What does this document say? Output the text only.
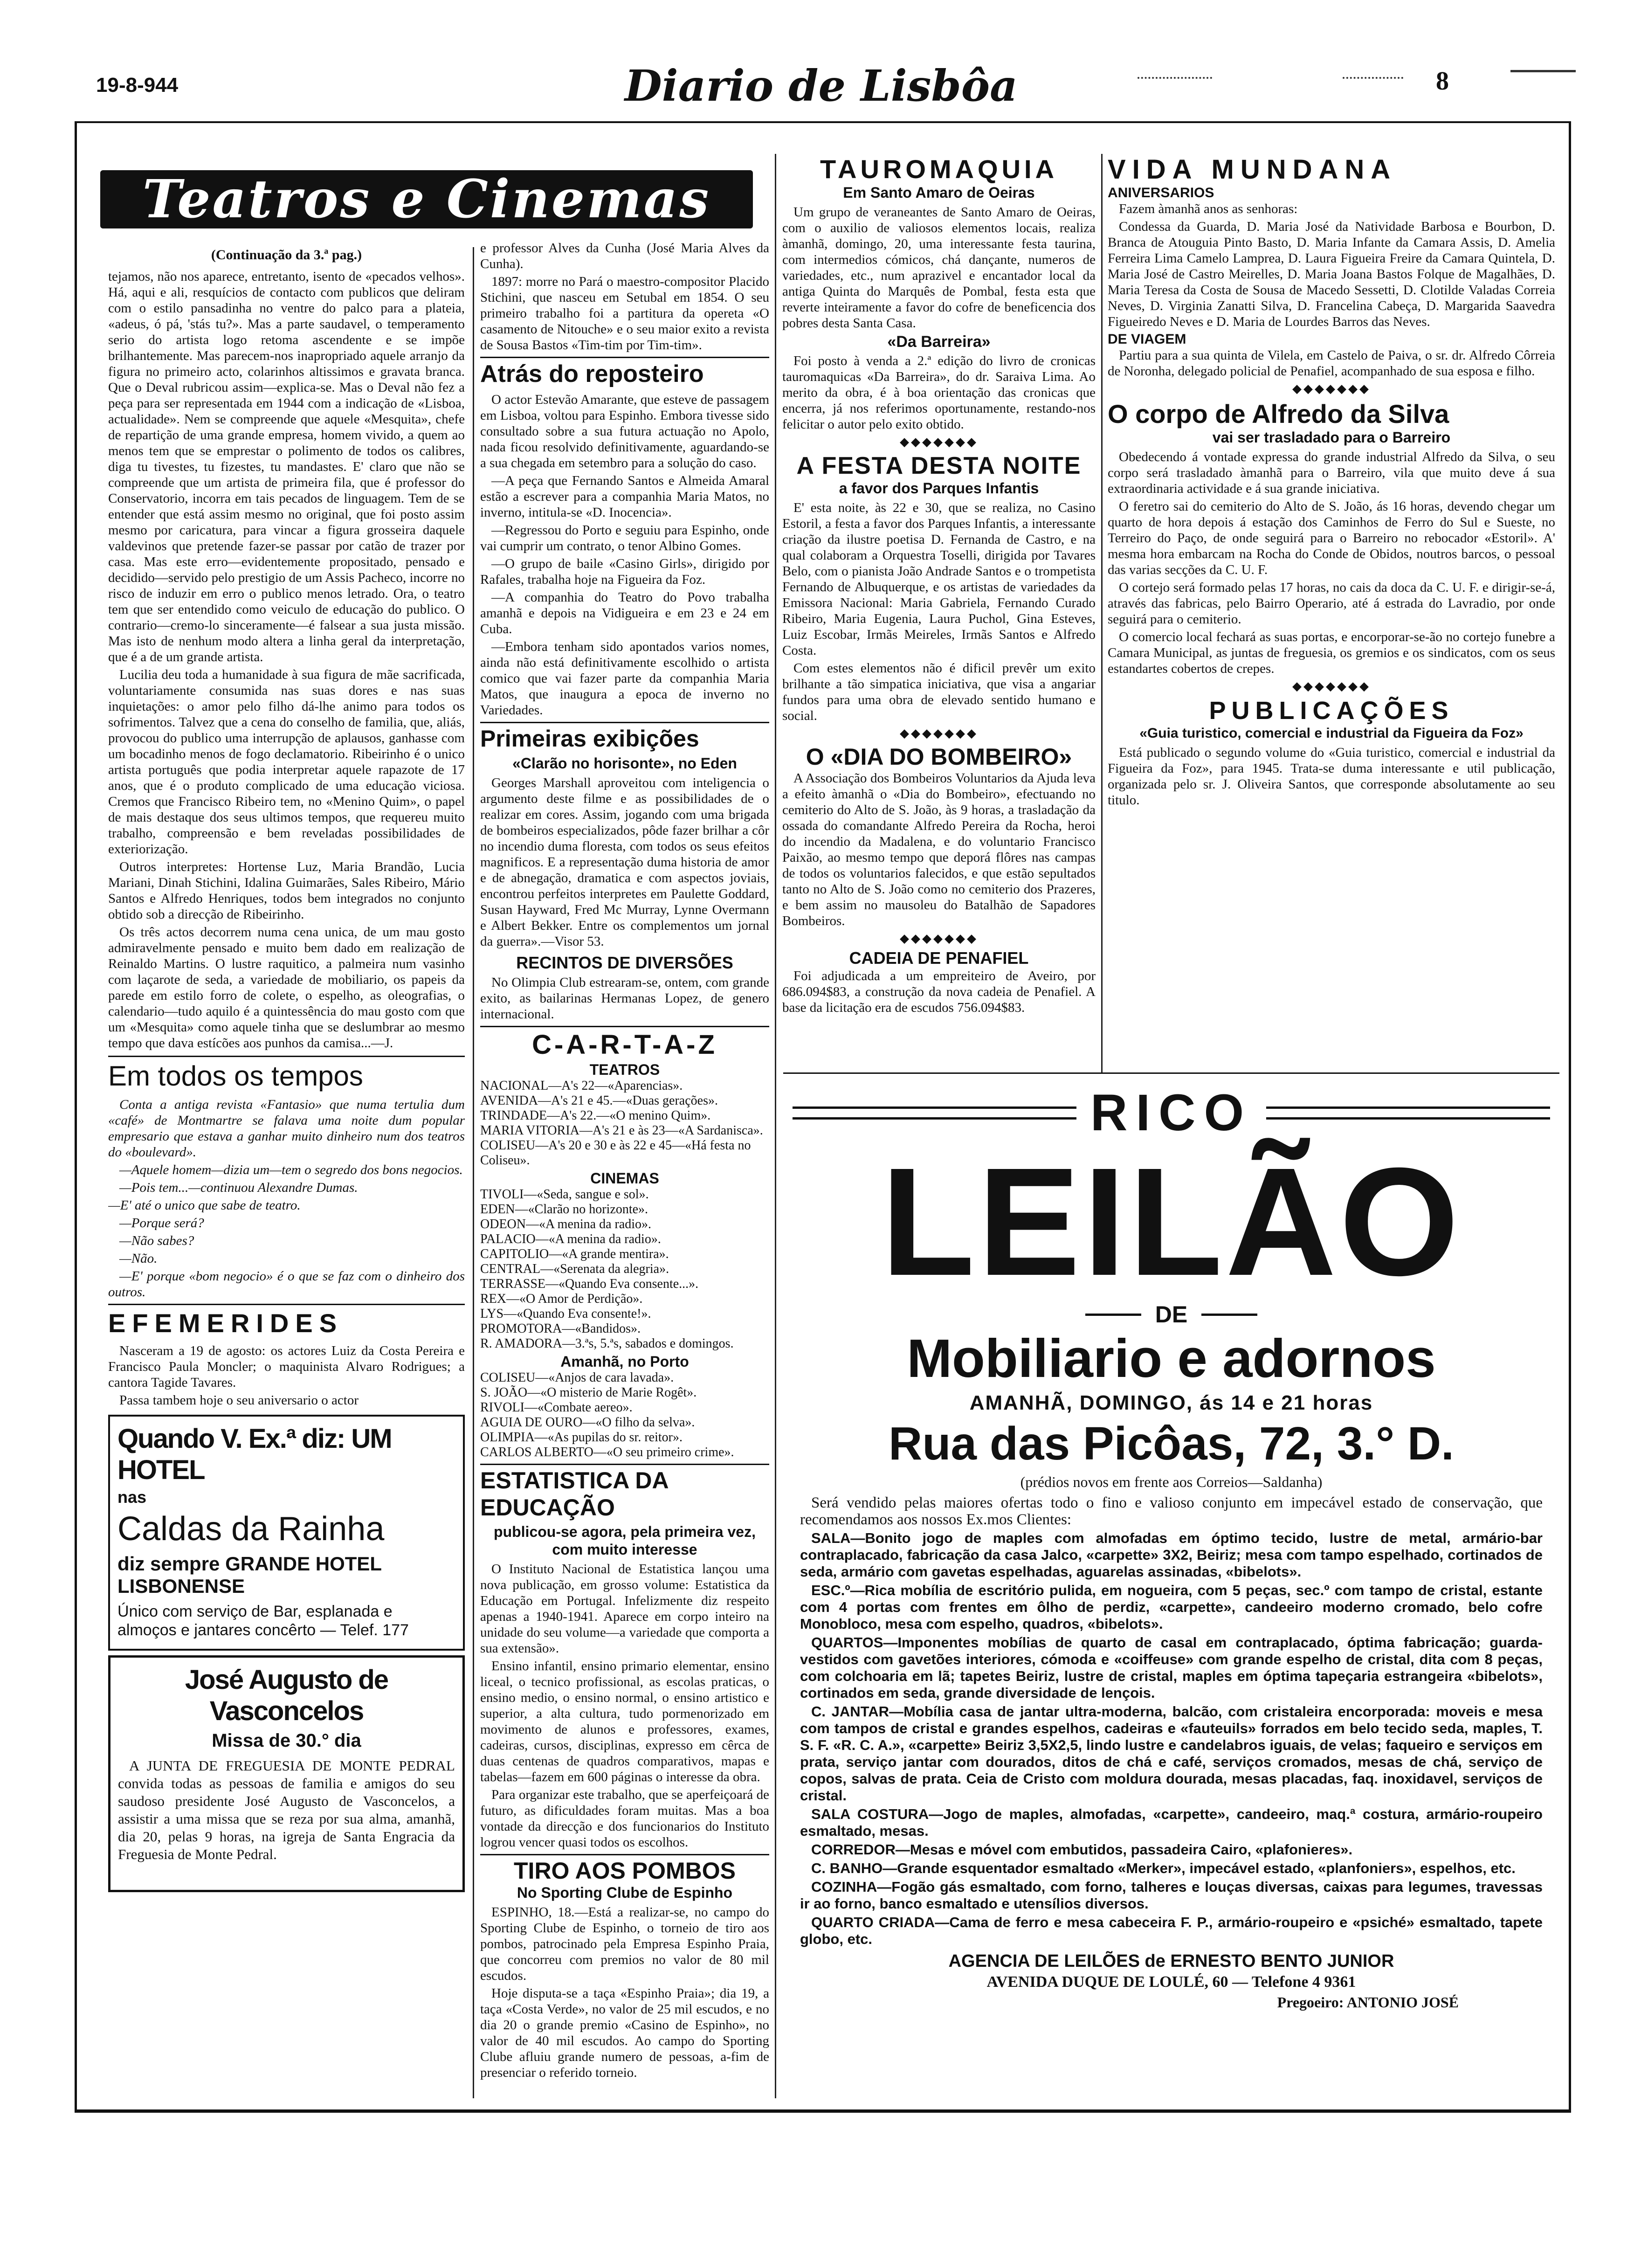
19-8-944	Diario de Lisbôa	8
Teatros e Cinemas
(Continuação da 3.ª pag.)

tejamos, não nos aparece, entretanto, isento de «pecados velhos». Há, aqui e ali, resquícios de contacto com publicos que deliram com o estilo pansadinha no ventre do palco para a plateia, «adeus, ó pá, 'stás tu?». Mas a parte saudavel, o temperamento serio do artista logo retoma ascendente e se impõe brilhantemente. Mas parecem-nos inapropriado aquele arranjo da figura no primeiro acto, colarinhos altissimos e gravata branca. Que o Deval rubricou assim—explica-se. Mas o Deval não fez a peça para ser representada em 1944 com a indicação de «Lisboa, actualidade». Nem se compreende que aquele «Mesquita», chefe de repartição de uma grande empresa, homem vivido, a quem ao menos tem que se emprestar o polimento de todos os calibres, diga tu tivestes, tu fizestes, tu mandastes. E' claro que não se compreende que um artista de primeira fila, que é professor do Conservatorio, incorra em tais pecados de linguagem. Tem de se entender que está assim mesmo no original, que foi posto assim mesmo por caricatura, para vincar a figura grosseira daquele valdevinos que pretende fazer-se passar por catão de trazer por casa. Mas este erro—evidentemente propositado, pensado e decidido—servido pelo prestigio de um Assis Pacheco, incorre no risco de induzir em erro o publico menos letrado. Ora, o teatro tem que ser entendido como veiculo de educação do publico. O contrario—cremo-lo sinceramente—é falsear a sua justa missão. Mas isto de nenhum modo altera a linha geral da interpretação, que é a de um grande artista.

Lucilia deu toda a humanidade à sua figura de mãe sacrificada, voluntariamente consumida nas suas dores e nas suas inquietações: o amor pelo filho dá-lhe animo para todos os sofrimentos. Talvez que a cena do conselho de familia, que, aliás, provocou do publico uma interrupção de aplausos, ganhasse com um bocadinho menos de fogo declamatorio. Ribeirinho é o unico artista português que podia interpretar aquele rapazote de 17 anos, que é o produto complicado de uma educação viciosa. Cremos que Francisco Ribeiro tem, no «Menino Quim», o papel de mais destaque dos seus ultimos tempos, que requereu muito trabalho, compreensão e bem reveladas possibilidades de exteriorização.

Outros interpretes: Hortense Luz, Maria Brandão, Lucia Mariani, Dinah Stichini, Idalina Guimarães, Sales Ribeiro, Mário Santos e Alfredo Henriques, todos bem integrados no conjunto obtido sob a direcção de Ribeirinho.

Os três actos decorrem numa cena unica, de um mau gosto admiravelmente pensado e muito bem dado em realização de Reinaldo Martins. O lustre raquitico, a palmeira num vasinho com laçarote de seda, a variedade de mobiliario, os papeis da parede em estilo forro de colete, o espelho, as oleografias, o calendario—tudo aquilo é a quintessência do mau gosto com que um «Mesquita» como aquele tinha que se deslumbrar ao mesmo tempo que dava estícões aos punhos da camisa...—J.

Em todos os tempos

Conta a antiga revista «Fantasio» que numa tertulia dum «café» de Montmartre se falava uma noite dum popular empresario que estava a ganhar muito dinheiro num dos teatros do «boulevard».

—Aquele homem—dizia um—tem o segredo dos bons negocios.

—Pois tem...—continuou Alexandre Dumas.

—E' até o unico que sabe de teatro.

—Porque será?

—Não sabes?

—Não.

—E' porque «bom negocio» é o que se faz com o dinheiro dos outros.

EFEMERIDES

Nasceram a 19 de agosto: os actores Luiz da Costa Pereira e Francisco Paula Moncler; o maquinista Alvaro Rodrigues; a cantora Tagide Tavares.

Passa tambem hoje o seu aniversario o actor

Quando V. Ex.ª diz: UM HOTEL
nas
Caldas da Rainha
diz sempre GRANDE HOTEL LISBONENSE
Único com serviço de Bar, esplanada e almoços e jantares concêrto — Telef. 177
José Augusto de Vasconcelos
Missa de 30.° dia

A JUNTA DE FREGUESIA DE MONTE PEDRAL convida todas as pessoas de familia e amigos do seu saudoso presidente José Augusto de Vasconcelos, a assistir a uma missa que se reza por sua alma, amanhã, dia 20, pelas 9 horas, na igreja de Santa Engracia da Freguesia de Monte Pedral.

e professor Alves da Cunha (José Maria Alves da Cunha).

1897: morre no Pará o maestro-compositor Placido Stichini, que nasceu em Setubal em 1854. O seu primeiro trabalho foi a partitura da opereta «O casamento de Nitouche» e o seu maior exito a revista de Sousa Bastos «Tim-tim por Tim-tim».

Atrás do reposteiro

O actor Estevão Amarante, que esteve de passagem em Lisboa, voltou para Espinho. Embora tivesse sido consultado sobre a sua futura actuação no Apolo, nada ficou resolvido definitivamente, aguardando-se a sua chegada em setembro para a solução do caso.

—A peça que Fernando Santos e Almeida Amaral estão a escrever para a companhia Maria Matos, no inverno, intitula-se «D. Inocencia».

—Regressou do Porto e seguiu para Espinho, onde vai cumprir um contrato, o tenor Albino Gomes.

—O grupo de baile «Casino Girls», dirigido por Rafales, trabalha hoje na Figueira da Foz.

—A companhia do Teatro do Povo trabalha amanhã e depois na Vidigueira e em 23 e 24 em Cuba.

—Embora tenham sido apontados varios nomes, ainda não está definitivamente escolhido o artista comico que vai fazer parte da companhia Maria Matos, que inaugura a epoca de inverno no Variedades.

Primeiras exibições
«Clarão no horisonte», no Eden

Georges Marshall aproveitou com inteligencia o argumento deste filme e as possibilidades de o realizar em cores. Assim, jogando com uma brigada de bombeiros especializados, pôde fazer brilhar a côr no incendio duma floresta, com todos os seus efeitos magnificos. E a representação duma historia de amor e de abnegação, dramatica e com aspectos joviais, encontrou perfeitos interpretes em Paulette Goddard, Susan Hayward, Fred Mc Murray, Lynne Overmann e Albert Bekker. Entre os complementos um jornal da guerra».—Visor 53.

RECINTOS DE DIVERSÕES

No Olimpia Club estrearam-se, ontem, com grande exito, as bailarinas Hermanas Lopez, de genero internacional.

C-A-R-T-A-Z
TEATROS

NACIONAL—A's 22—«Aparencias».

AVENIDA—A's 21 e 45.—«Duas gerações».

TRINDADE—A's 22.—«O menino Quim».

MARIA VITORIA—A's 21 e às 23—«A Sardanisca».

COLISEU—A's 20 e 30 e às 22 e 45—«Há festa no Coliseu».

CINEMAS

TIVOLI—«Seda, sangue e sol».

EDEN—«Clarão no horizonte».

ODEON—«A menina da radio».

PALACIO—«A menina da radio».

CAPITOLIO—«A grande mentira».

CENTRAL—«Serenata da alegria».

TERRASSE—«Quando Eva consente...».

REX—«O Amor de Perdição».

LYS—«Quando Eva consente!».

PROMOTORA—«Bandidos».

R. AMADORA—3.ªs, 5.ªs, sabados e domingos.

Amanhã, no Porto

COLISEU—«Anjos de cara lavada».

S. JOÃO—«O misterio de Marie Rogêt».

RIVOLI—«Combate aereo».

AGUIA DE OURO—«O filho da selva».

OLIMPIA—«As pupilas do sr. reitor».

CARLOS ALBERTO—«O seu primeiro crime».

ESTATISTICA DA EDUCAÇÃO
publicou-se agora, pela primeira vez, com muito interesse

O Instituto Nacional de Estatistica lançou uma nova publicação, em grosso volume: Estatistica da Educação em Portugal. Infelizmente diz respeito apenas a 1940-1941. Aparece em corpo inteiro na unidade do seu volume—a variedade que comporta a sua extensão».

Ensino infantil, ensino primario elementar, ensino liceal, o tecnico profissional, as escolas praticas, o ensino medio, o ensino normal, o ensino artistico e superior, a alta cultura, tudo pormenorizado em movimento de alunos e professores, exames, cadeiras, cursos, disciplinas, expresso em cêrca de duas centenas de quadros comparativos, mapas e tabelas—fazem em 600 páginas o interesse da obra.

Para organizar este trabalho, que se aperfeiçoará de futuro, as dificuldades foram muitas. Mas a boa vontade da direcção e dos funcionarios do Instituto logrou vencer quasi todos os escolhos.

TIRO AOS POMBOS
No Sporting Clube de Espinho

ESPINHO, 18.—Está a realizar-se, no campo do Sporting Clube de Espinho, o torneio de tiro aos pombos, patrocinado pela Empresa Espinho Praia, que concorreu com premios no valor de 80 mil escudos.

Hoje disputa-se a taça «Espinho Praia»; dia 19, a taça «Costa Verde», no valor de 25 mil escudos, e no dia 20 o grande premio «Casino de Espinho», no valor de 40 mil escudos. Ao campo do Sporting Clube afluiu grande numero de pessoas, a-fim de presenciar o referido torneio.

TAUROMAQUIA
Em Santo Amaro de Oeiras

Um grupo de veraneantes de Santo Amaro de Oeiras, com o auxilio de valiosos elementos locais, realiza àmanhã, domingo, 20, uma interessante festa taurina, com intermedios cómicos, chá dançante, numeros de variedades, etc., num aprazivel e encantador local da antiga Quinta do Marquês de Pombal, festa esta que reverte inteiramente a favor do cofre de beneficencia dos pobres desta Santa Casa.

«Da Barreira»

Foi posto à venda a 2.ª edição do livro de cronicas tauromaquicas «Da Barreira», do dr. Saraiva Lima. Ao merito da obra, é à boa orientação das cronicas que encerra, já nos referimos oportunamente, restando-nos felicitar o autor pelo exito obtido.

◆◆◆◆◆◆◆
A FESTA DESTA NOITE
a favor dos Parques Infantis

E' esta noite, às 22 e 30, que se realiza, no Casino Estoril, a festa a favor dos Parques Infantis, a interessante criação da ilustre poetisa D. Fernanda de Castro, e na qual colaboram a Orquestra Toselli, dirigida por Tavares Belo, com o pianista João Andrade Santos e o trompetista Fernando de Albuquerque, e os artistas de variedades da Emissora Nacional: Maria Gabriela, Fernando Curado Ribeiro, Maria Eugenia, Laura Puchol, Gina Esteves, Luiz Escobar, Irmãs Meireles, Irmãs Santos e Alfredo Costa.

Com estes elementos não é dificil prevêr um exito brilhante a tão simpatica iniciativa, que visa a angariar fundos para uma obra de elevado sentido humano e social.

◆◆◆◆◆◆◆
O «DIA DO BOMBEIRO»

A Associação dos Bombeiros Voluntarios da Ajuda leva a efeito àmanhã o «Dia do Bombeiro», efectuando no cemiterio do Alto de S. João, às 9 horas, a trasladação da ossada do comandante Alfredo Pereira da Rocha, heroi do incendio da Madalena, e do voluntario Francisco Paixão, ao mesmo tempo que deporá flôres nas campas de todos os voluntarios falecidos, e que estão sepultados tanto no Alto de S. João como no cemiterio dos Prazeres, e bem assim no mausoleu do Batalhão de Sapadores Bombeiros.

◆◆◆◆◆◆◆
CADEIA DE PENAFIEL

Foi adjudicada a um empreiteiro de Aveiro, por 686.094$83, a construção da nova cadeia de Penafiel. A base da licitação era de escudos 756.094$83.

VIDA MUNDANA
ANIVERSARIOS

Fazem àmanhã anos as senhoras:

Condessa da Guarda, D. Maria José da Natividade Barbosa e Bourbon, D. Branca de Atouguia Pinto Basto, D. Maria Infante da Camara Assis, D. Amelia Ferreira Lima Camelo Lamprea, D. Laura Figueira Freire da Camara Quintela, D. Maria José de Castro Meirelles, D. Maria Joana Bastos Folque de Magalhães, D. Maria Teresa da Costa de Sousa de Macedo Sessetti, D. Clotilde Valadas Correia Neves, D. Virginia Zanatti Silva, D. Francelina Cabeça, D. Margarida Saavedra Figueiredo Neves e D. Maria de Lourdes Barros das Neves.

DE VIAGEM

Partiu para a sua quinta de Vilela, em Castelo de Paiva, o sr. dr. Alfredo Côrreia de Noronha, delegado policial de Penafiel, acompanhado de sua esposa e filho.

◆◆◆◆◆◆◆
O corpo de Alfredo da Silva
vai ser trasladado para o Barreiro

Obedecendo á vontade expressa do grande industrial Alfredo da Silva, o seu corpo será trasladado àmanhã para o Barreiro, vila que muito deve á sua extraordinaria actividade e á sua grande iniciativa.

O feretro sai do cemiterio do Alto de S. João, ás 16 horas, devendo chegar um quarto de hora depois á estação dos Caminhos de Ferro do Sul e Sueste, no Terreiro do Paço, de onde seguirá para o Barreiro no rebocador «Estoril». A' mesma hora embarcam na Rocha do Conde de Obidos, noutros barcos, o pessoal das varias secções da C. U. F.

O cortejo será formado pelas 17 horas, no cais da doca da C. U. F. e dirigir-se-á, através das fabricas, pelo Bairro Operario, até á estrada do Lavradio, por onde seguirá para o cemiterio.

O comercio local fechará as suas portas, e encorporar-se-ão no cortejo funebre a Camara Municipal, as juntas de freguesia, os gremios e os sindicatos, com os seus estandartes cobertos de crepes.

◆◆◆◆◆◆◆
PUBLICAÇÕES
«Guia turistico, comercial e industrial da Figueira da Foz»

Está publicado o segundo volume do «Guia turistico, comercial e industrial da Figueira da Foz», para 1945. Trata-se duma interessante e util publicação, organizada pelo sr. J. Oliveira Santos, que corresponde absolutamente ao seu titulo.

RICO
LEILÃO
DE
Mobiliario e adornos
AMANHÃ, DOMINGO, ás 14 e 21 horas
Rua das Picôas, 72, 3.° D.
(prédios novos em frente aos Correios—Saldanha)

Será vendido pelas maiores ofertas todo o fino e valioso conjunto em impecável estado de conservação, que recomendamos aos nossos Ex.mos Clientes:

SALA—Bonito jogo de maples com almofadas em óptimo tecido, lustre de metal, armário-bar contraplacado, fabricação da casa Jalco, «carpette» 3X2, Beiriz; mesa com tampo espelhado, cortinados de seda, armário com gavetas espelhadas, aguarelas assinadas, «bibelots».

ESC.º—Rica mobília de escritório pulida, em nogueira, com 5 peças, sec.º com tampo de cristal, estante com 4 portas com frentes em ôlho de perdiz, «carpette», candeeiro moderno cromado, belo cofre Monobloco, mesa com espelho, quadros, «bibelots».

QUARTOS—Imponentes mobílias de quarto de casal em contraplacado, óptima fabricação; guarda-vestidos com gavetões interiores, cómoda e «coiffeuse» com grande espelho de cristal, dita com 8 peças, com colchoaria em lã; tapetes Beiriz, lustre de cristal, maples em óptima tapeçaria estrangeira «bibelots», cortinados em seda, grande diversidade de lençois.

C. JANTAR—Mobília casa de jantar ultra-moderna, balcão, com cristaleira encorporada: moveis e mesa com tampos de cristal e grandes espelhos, cadeiras e «fauteuils» forrados em belo tecido seda, maples, T. S. F. «R. C. A.», «carpette» Beiriz 3,5X2,5, lindo lustre e candelabros iguais, de velas; faqueiro e serviços em prata, serviço jantar com dourados, ditos de chá e café, serviços cromados, mesas de chá, serviço de copos, salvas de prata. Ceia de Cristo com moldura dourada, mesas placadas, faq. inoxidavel, serviços de cristal.

SALA COSTURA—Jogo de maples, almofadas, «carpette», candeeiro, maq.ª costura, armário-roupeiro esmaltado, mesas.

CORREDOR—Mesas e móvel com embutidos, passadeira Cairo, «plafonieres».

C. BANHO—Grande esquentador esmaltado «Merker», impecável estado, «planfoniers», espelhos, etc.

COZINHA—Fogão gás esmaltado, com forno, talheres e louças diversas, caixas para legumes, travessas ir ao forno, banco esmaltado e utensílios diversos.

QUARTO CRIADA—Cama de ferro e mesa cabeceira F. P., armário-roupeiro e «psiché» esmaltado, tapete globo, etc.

AGENCIA DE LEILÕES de ERNESTO BENTO JUNIOR
AVENIDA DUQUE DE LOULÉ, 60 — Telefone 4 9361
Pregoeiro: ANTONIO JOSÉ
